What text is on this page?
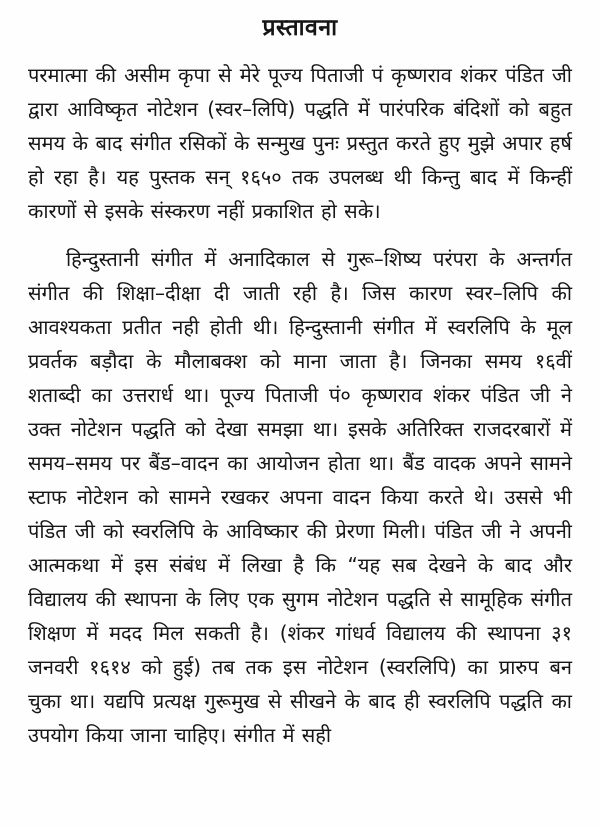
प्रस्तावना

परमात्मा की असीम कृपा से मेरे पूज्य पिताजी पं कृष्णराव शंकर पंडित जी द्वारा आविष्कृत नोटेशन (स्वर–लिपि) पद्धति में पारंपरिक बंदिशों को बहुत समय के बाद संगीत रसिकों के सन्मुख पुनः प्रस्तुत करते हुए मुझे अपार हर्ष हो रहा है। यह पुस्तक सन् १६५० तक उपलब्ध थी किन्तु बाद में किन्हीं कारणों से इसके संस्करण नहीं प्रकाशित हो सके।

हिन्दुस्तानी संगीत में अनादिकाल से गुरू–शिष्य परंपरा के अन्तर्गत संगीत की शिक्षा–दीक्षा दी जाती रही है। जिस कारण स्वर–लिपि की आवश्यकता प्रतीत नही होती थी। हिन्दुस्तानी संगीत में स्वरलिपि के मूल प्रवर्तक बड़ौदा के मौलाबक्श को माना जाता है। जिनका समय १६वीं शताब्दी का उत्तरार्ध था। पूज्य पिताजी पं० कृष्णराव शंकर पंडित जी ने उक्त नोटेशन पद्धति को देखा समझा था। इसके अतिरिक्त राजदरबारों में समय–समय पर बैंड–वादन का आयोजन होता था। बैंड वादक अपने सामने स्टाफ नोटेशन को सामने रखकर अपना वादन किया करते थे। उससे भी पंडित जी को स्वरलिपि के आविष्कार की प्रेरणा मिली। पंडित जी ने अपनी आत्मकथा में इस संबंध में लिखा है कि “यह सब देखने के बाद और विद्यालय की स्थापना के लिए एक सुगम नोटेशन पद्धति से सामूहिक संगीत शिक्षण में मदद मिल सकती है। (शंकर गांधर्व विद्यालय की स्थापना ३१ जनवरी १६१४ को हुई) तब तक इस नोटेशन (स्वरलिपि) का प्रारुप बन चुका था। यद्यपि प्रत्यक्ष गुरूमुख से सीखने के बाद ही स्वरलिपि पद्धति का उपयोग किया जाना चाहिए। संगीत में सही
